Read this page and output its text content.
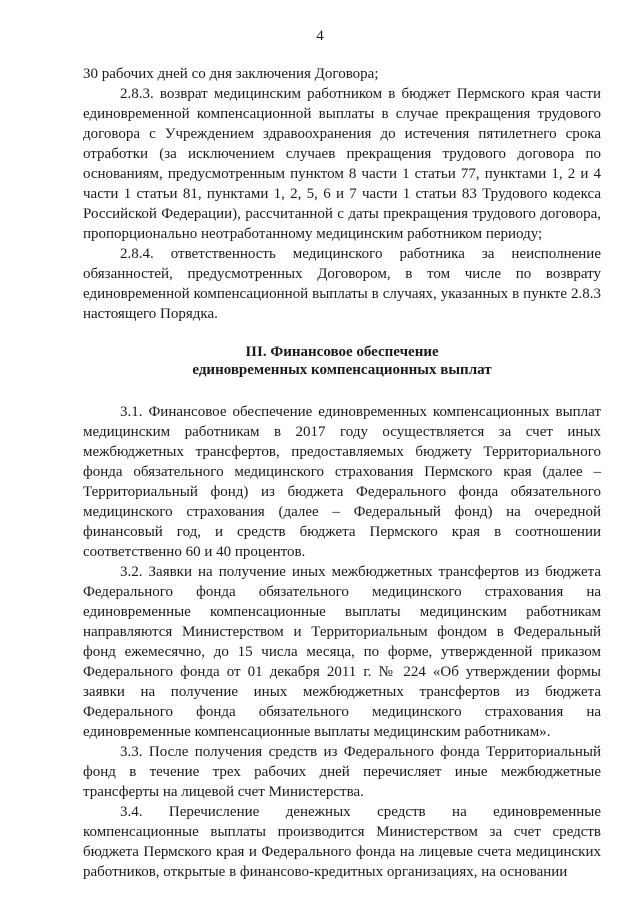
4

30 рабочих дней со дня заключения Договора;

2.8.3. возврат медицинским работником в бюджет Пермского края части единовременной компенсационной выплаты в случае прекращения трудового договора с Учреждением здравоохранения до истечения пятилетнего срока отработки (за исключением случаев прекращения трудового договора по основаниям, предусмотренным пунктом 8 части 1 статьи 77, пунктами 1, 2 и 4 части 1 статьи 81, пунктами 1, 2, 5, 6 и 7 части 1 статьи 83 Трудового кодекса Российской Федерации), рассчитанной с даты прекращения трудового договора, пропорционально неотработанному медицинским работником периоду;

2.8.4. ответственность медицинского работника за неисполнение обязанностей, предусмотренных Договором, в том числе по возврату единовременной компенсационной выплаты в случаях, указанных в пункте 2.8.3 настоящего Порядка.

III. Финансовое обеспечение
единовременных компенсационных выплат

3.1. Финансовое обеспечение единовременных компенсационных выплат медицинским работникам в 2017 году осуществляется за счет иных межбюджетных трансфертов, предоставляемых бюджету Территориального фонда обязательного медицинского страхования Пермского края (далее – Территориальный фонд) из бюджета Федерального фонда обязательного медицинского страхования (далее – Федеральный фонд) на очередной финансовый год, и средств бюджета Пермского края в соотношении соответственно 60 и 40 процентов.

3.2. Заявки на получение иных межбюджетных трансфертов из бюджета Федерального фонда обязательного медицинского страхования на единовременные компенсационные выплаты медицинским работникам направляются Министерством и Территориальным фондом в Федеральный фонд ежемесячно, до 15 числа месяца, по форме, утвержденной приказом Федерального фонда от 01 декабря 2011 г. № 224 «Об утверждении формы заявки на получение иных межбюджетных трансфертов из бюджета Федерального фонда обязательного медицинского страхования на единовременные компенсационные выплаты медицинским работникам».

3.3. После получения средств из Федерального фонда Территориальный фонд в течение трех рабочих дней перечисляет иные межбюджетные трансферты на лицевой счет Министерства.

3.4. Перечисление денежных средств на единовременные компенсационные выплаты производится Министерством за счет средств бюджета Пермского края и Федерального фонда на лицевые счета медицинских работников, открытые в финансово-кредитных организациях, на основании
